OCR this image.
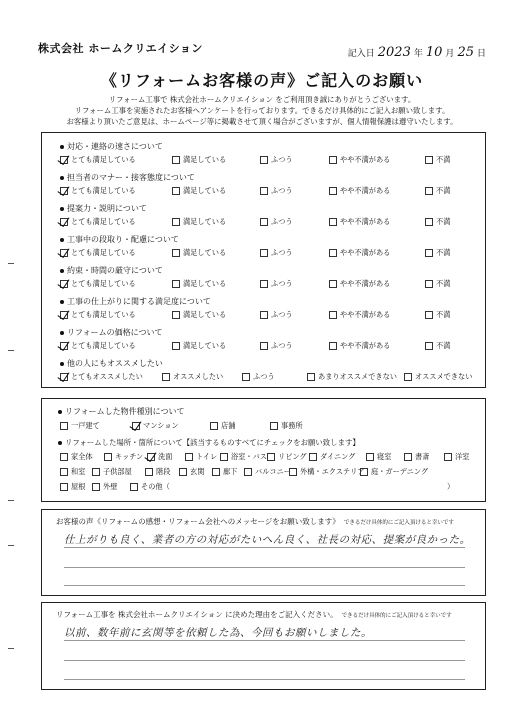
株式会社 ホームクリエイション	記入日 2023 年 10 月 25 日
《リフォームお客様の声》ご記入のお願い
リフォーム工事で 株式会社ホームクリエイション をご利用頂き誠にありがとうございます。
リフォーム工事を実施されたお客様へアンケートを行っております。できるだけ具体的にご記入お願い致します。
お客様より頂いたご意見は、ホームページ等に掲載させて頂く場合がございますが、個人情報保護は遵守いたします。
対応・連絡の速さについて
とても満足している	満足している	ふつう	やや不満がある	不満
担当者のマナー・接客態度について
とても満足している	満足している	ふつう	やや不満がある	不満
提案力・説明について
とても満足している	満足している	ふつう	やや不満がある	不満
工事中の段取り・配慮について
とても満足している	満足している	ふつう	やや不満がある	不満
約束・時間の厳守について
とても満足している	満足している	ふつう	やや不満がある	不満
工事の仕上がりに関する満足度について
とても満足している	満足している	ふつう	やや不満がある	不満
リフォームの価格について
とても満足している	満足している	ふつう	やや不満がある	不満
他の人にもオススメしたい
とてもオススメしたい	オススメしたい	ふつう	あまりオススメできない	オススメできない
リフォームした物件種別について
一戸建て	マンション	店舗	事務所
リフォームした場所・箇所について【該当するものすべてにチェックをお願い致します】
家全体	キッチン	洗面	トイレ	浴室・バス	リビング	ダイニング	寝室	書斎	洋室
和室	子供部屋	階段	玄関	廊下	バルコニー	外構・エクステリア 庭・ガーデニング
屋根	外壁	その他（	）
お客様の声《リフォームの感想・リフォーム会社へのメッセージをお願い致します》 できるだけ具体的にご記入頂けると幸いです
仕上がりも良く、業者の方の対応がたいへん良く、社長の対応、提案が良かった。
リフォーム工事を 株式会社ホームクリエイション に決めた理由をご記入ください。 できるだけ具体的にご記入頂けると幸いです
以前、数年前に玄関等を依頼した為、今回もお願いしました。
